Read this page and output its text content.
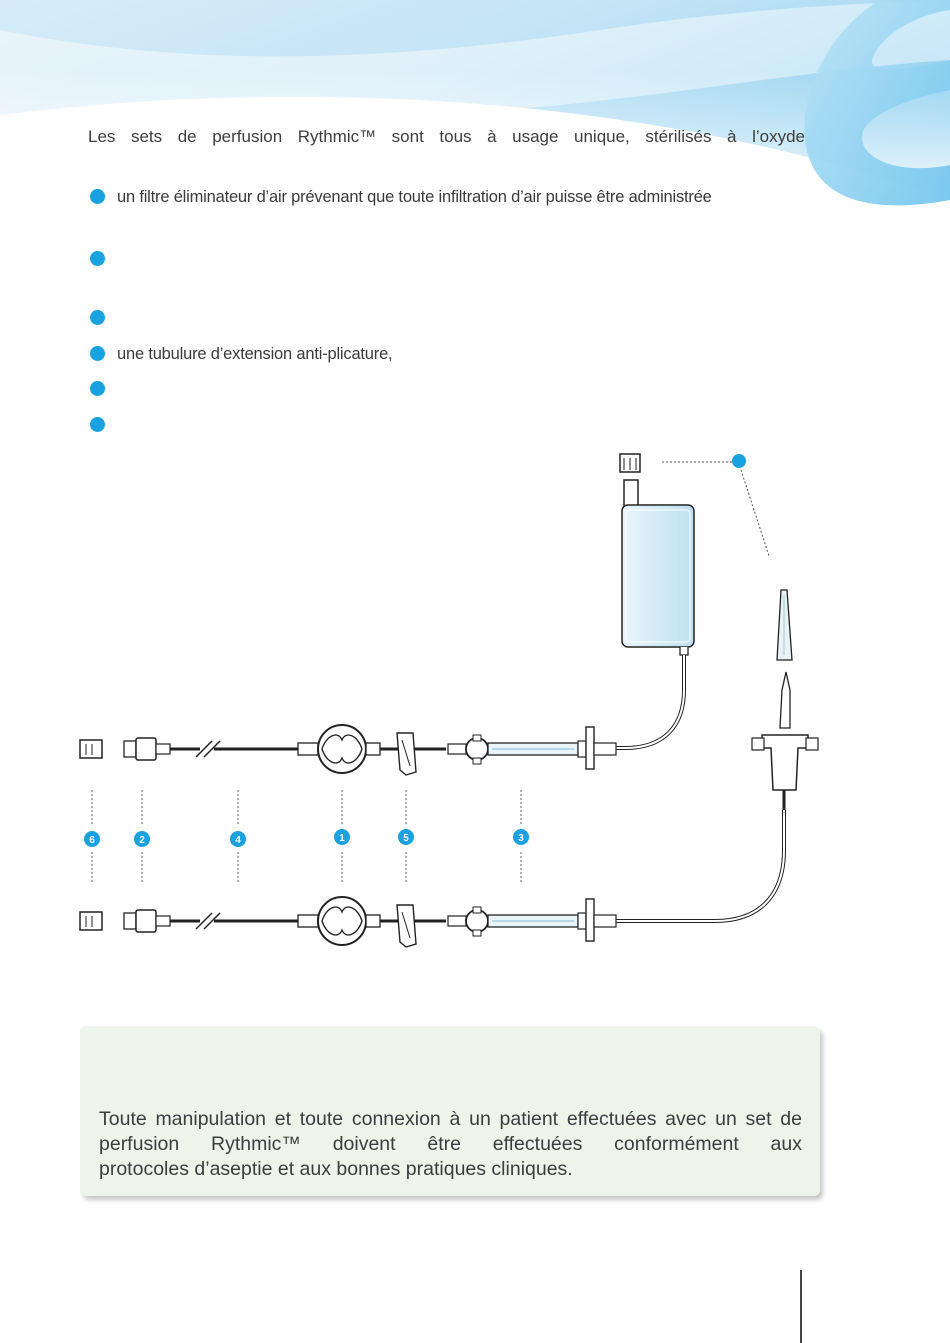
Les sets de perfusion Rythmic™ sont tous à usage unique, stérilisés à l’oxyde
un filtre éliminateur d’air prévenant que toute infiltration d’air puisse être administrée
une tubulure d’extension anti-plicature,
6	2	4	1	5	3
Toute manipulation et toute connexion à un patient effectuées avec un set de perfusion Rythmic™ doivent être effectuées conformément aux
protocoles d’aseptie et aux bonnes pratiques cliniques.
